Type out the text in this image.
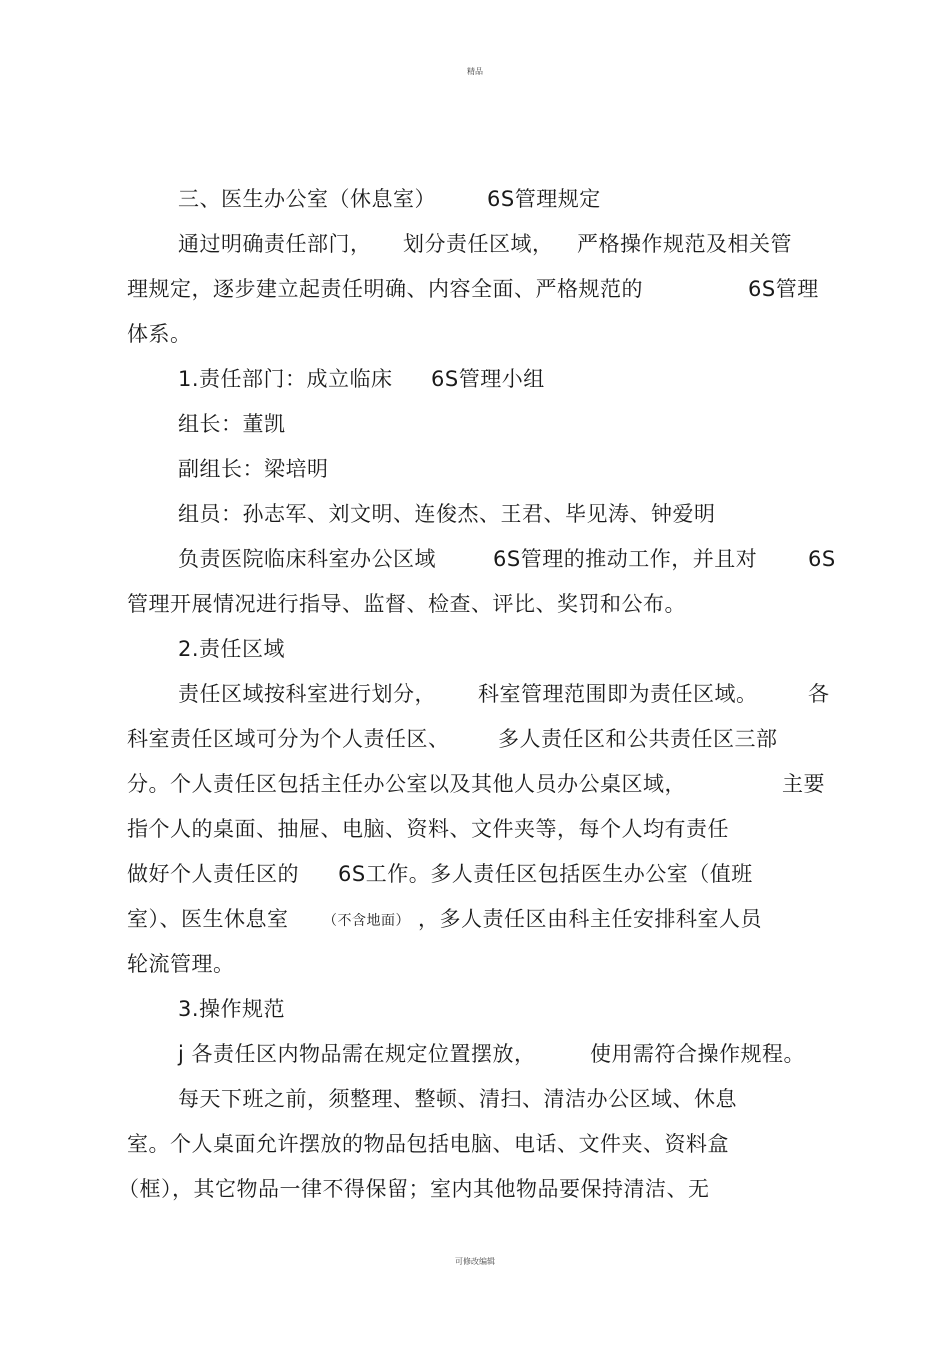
精品
三、医生办公室（休息室） 6S管理规定
通过明确责任部门， 划分责任区域， 严格操作规范及相关管
理规定，逐步建立起责任明确、内容全面、严格规范的	6S管理
体系。
1.责任部门：成立临床 6S管理小组
组长：董凯
副组长：梁培明
组员：孙志军、刘文明、连俊杰、王君、毕见涛、钟爱明
负责医院临床科室办公区域	6S管理的推动工作，并且对 6S
管理开展情况进行指导、监督、检查、评比、奖罚和公布。
2.责任区域
责任区域按科室进行划分， 科室管理范围即为责任区域。 各
科室责任区域可分为个人责任区、 多人责任区和公共责任区三部
分。个人责任区包括主任办公室以及其他人员办公桌区域，	主要
指个人的桌面、抽屉、电脑、资料、文件夹等，每个人均有责任
做好个人责任区的 6S工作。多人责任区包括医生办公室（值班
室）、医生休息室 （不含地面） ，多人责任区由科主任安排科室人员
轮流管理。
3.操作规范
j 各责任区内物品需在规定位置摆放，	使用需符合操作规程。
每天下班之前，须整理、整顿、清扫、清洁办公区域、休息
室。个人桌面允许摆放的物品包括电脑、电话、文件夹、资料盒
（框），其它物品一律不得保留；室内其他物品要保持清洁、无
可修改编辑
